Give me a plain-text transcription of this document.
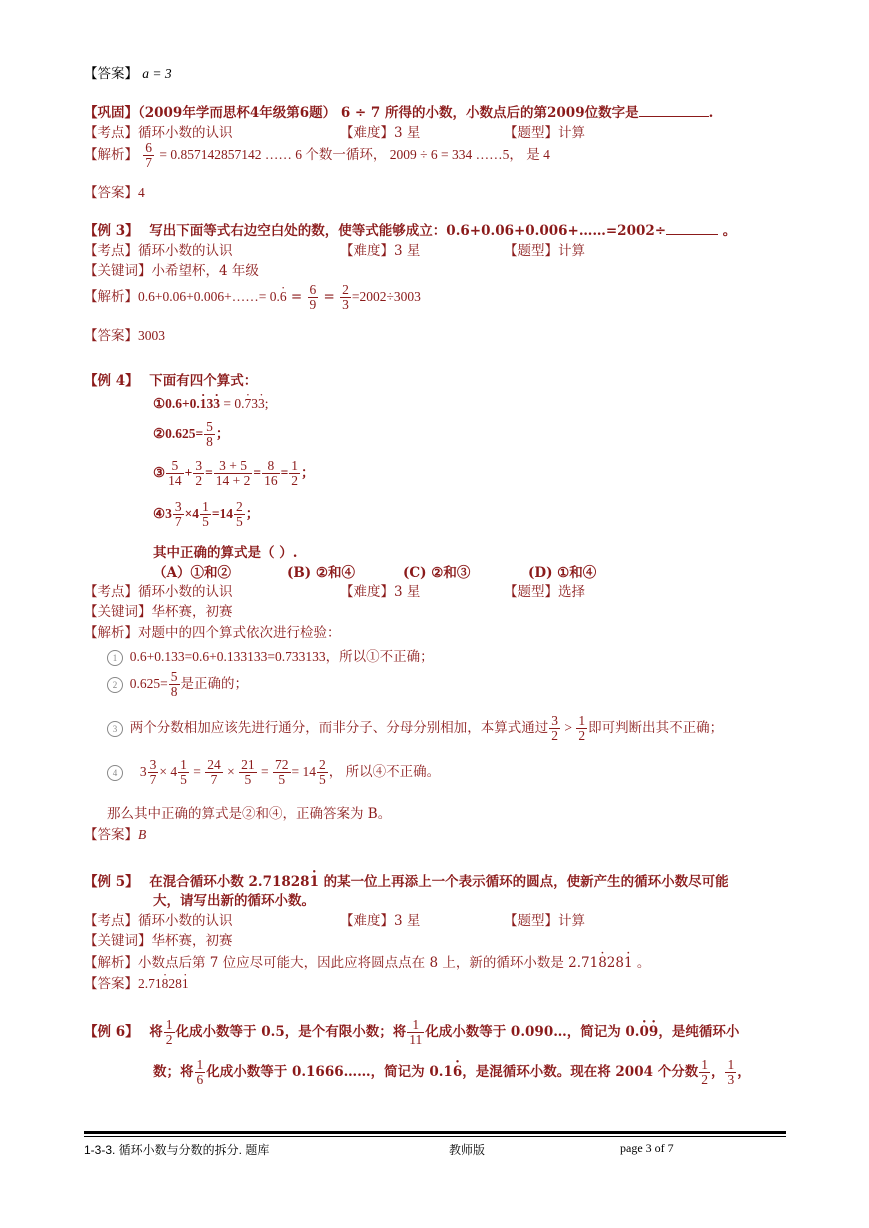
【答案】 a = 3
【巩固】（2009年学而思杯4年级第6题） 6 ÷ 7 所得的小数，小数点后的第2009位数字是	.
【考点】循环小数的认识	【难度】3 星	【题型】计算
【解析】 $\frac{6}{7} = 0.857142857142$ …… 6 个数一循环， 2009 ÷ 6 = 334 ……5， 是 4
【答案】4
【例 3】 写出下面等式右边空白处的数，使等式能够成立：0.6+0.06+0.006+……=2002÷	。
【考点】循环小数的认识	【难度】3 星	【题型】计算
【关键词】小希望杯，4 年级
【解析】0.6+0.06+0.006+……= $0.\cdot 6 = \frac{6}{9} = \frac{2}{3} =2002\div 3003$
【答案】3003
【例 4】 下面有四个算式：
①0.6+0.· 13· 3 = 0.· 73· 3;
②0.625= $\frac{5}{8}$ ；
③ $\frac{5}{14} + \frac{3}{2} = \frac{3 + 5}{14 + 2} = \frac{8}{16} = \frac{1}{2}$ ；
④3 $\frac{3}{7} \times 4 \frac{1}{5} =14 \frac{2}{5}$ ；
其中正确的算式是（ ）.
（A）①和②	(B) ②和④	(C) ②和③	(D) ①和④
【考点】循环小数的认识	【难度】3 星	【题型】选择
【关键词】华杯赛，初赛
【解析】对题中的四个算式依次进行检验：
1 0.6+0.133=0.6+0.133133=0.733133，所以①不正确；
2 $0.625= \frac{5}{8}$ 是正确的；
3 两个分数相加应该先进行通分，而非分子、分母分别相加，本算式通过 $\frac{3}{2} > \frac{1}{2}$ 即可判断出其不正确；
4 $3 \frac{3}{7} \times 4 \frac{1}{5} = \frac{24}{7} \times \frac{21}{5} = \frac{72}{5} = 14 \frac{2}{5}$ ， 所以④不正确。
那么其中正确的算式是②和④，正确答案为 B。
【答案】B
【例 5】 在混合循环小数 2.71828· 1 的某一位上再添上一个表示循环的圆点，使新产生的循环小数尽可能
大，请写出新的循环小数。
【考点】循环小数的认识	【难度】3 星	【题型】计算
【关键词】华杯赛，初赛
【解析】小数点后第 7 位应尽可能大，因此应将圆点点在 8 上，新的循环小数是 2.71· 828· 1 。
【答案】2.71· 828· 1
【例 6】 将 $\frac{1}{2}$ 化成小数等于 0.5，是个有限小数；将 $\frac{1}{11}$ 化成小数等于 0.090…，简记为 0.· 0· 9，是纯循环小
数；将 $\frac{1}{6}$ 化成小数等于 0.1666……，简记为 0.1· 6，是混循环小数。现在将 2004 个分数 $\frac{1}{2}$ ， $\frac{1}{3}$ ，
1-3-3. 循环小数与分数的拆分. 题库	教师版	page 3 of 7
